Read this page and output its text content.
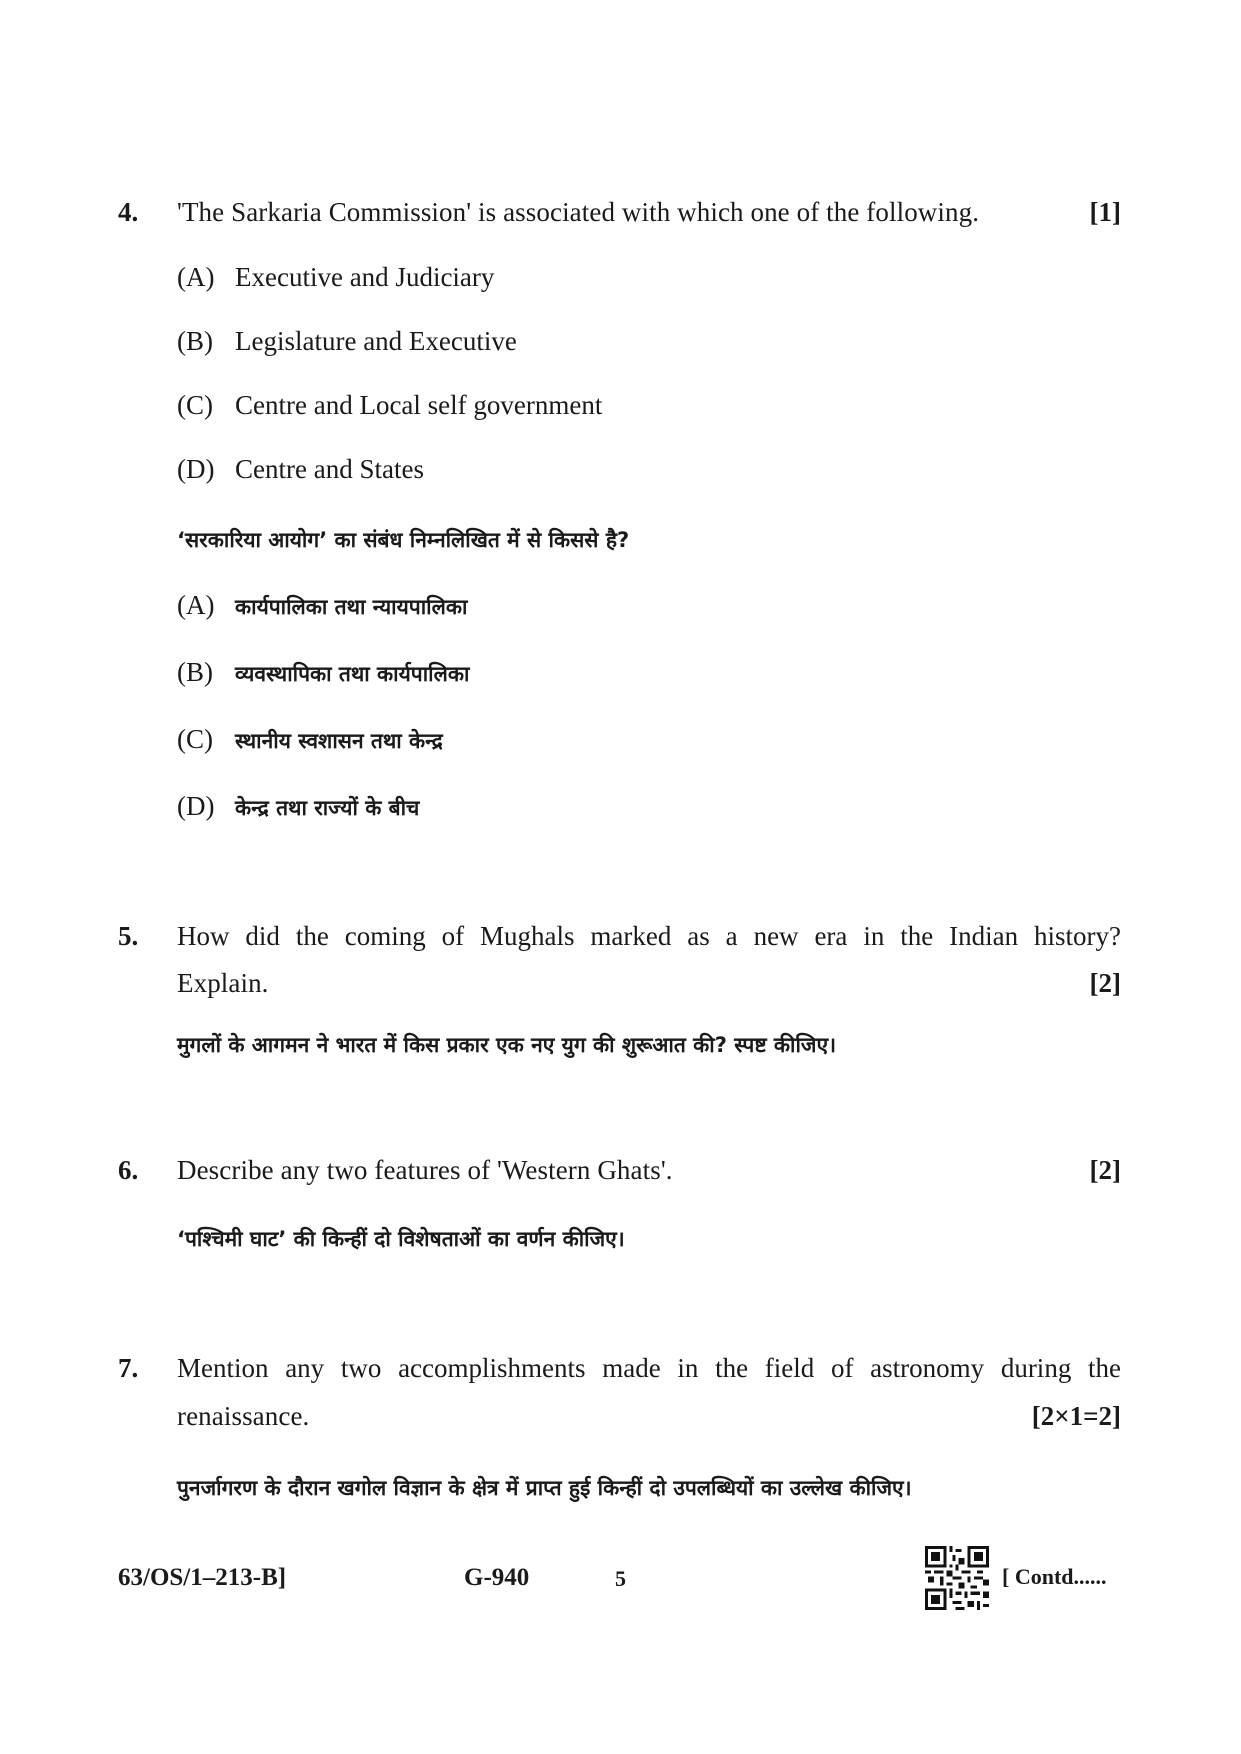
4. 'The Sarkaria Commission' is associated with which one of the following.	[1]
(A) Executive and Judiciary
(B) Legislature and Executive
(C) Centre and Local self government
(D) Centre and States
‘सरकारिया आयोग’ का संबंध निम्नलिखित में से किससे है?
(A) कार्यपालिका तथा न्यायपालिका
(B) व्यवस्थापिका तथा कार्यपालिका
(C) स्थानीय स्वशासन तथा केन्द्र
(D) केन्द्र तथा राज्यों के बीच
5. How did the coming of Mughals marked as a new era in the Indian history?
Explain.	[2]
मुगलों के आगमन ने भारत में किस प्रकार एक नए युग की शुरूआत की? स्पष्ट कीजिए।
6. Describe any two features of 'Western Ghats'.	[2]
‘पश्चिमी घाट’ की किन्हीं दो विशेषताओं का वर्णन कीजिए।
7. Mention any two accomplishments made in the field of astronomy during the
renaissance.	[2×1=2]
पुनर्जागरण के दौरान खगोल विज्ञान के क्षेत्र में प्राप्त हुई किन्हीं दो उपलब्धियों का उल्लेख कीजिए।
63/OS/1–213-B]	G-940	5	[ Contd......
